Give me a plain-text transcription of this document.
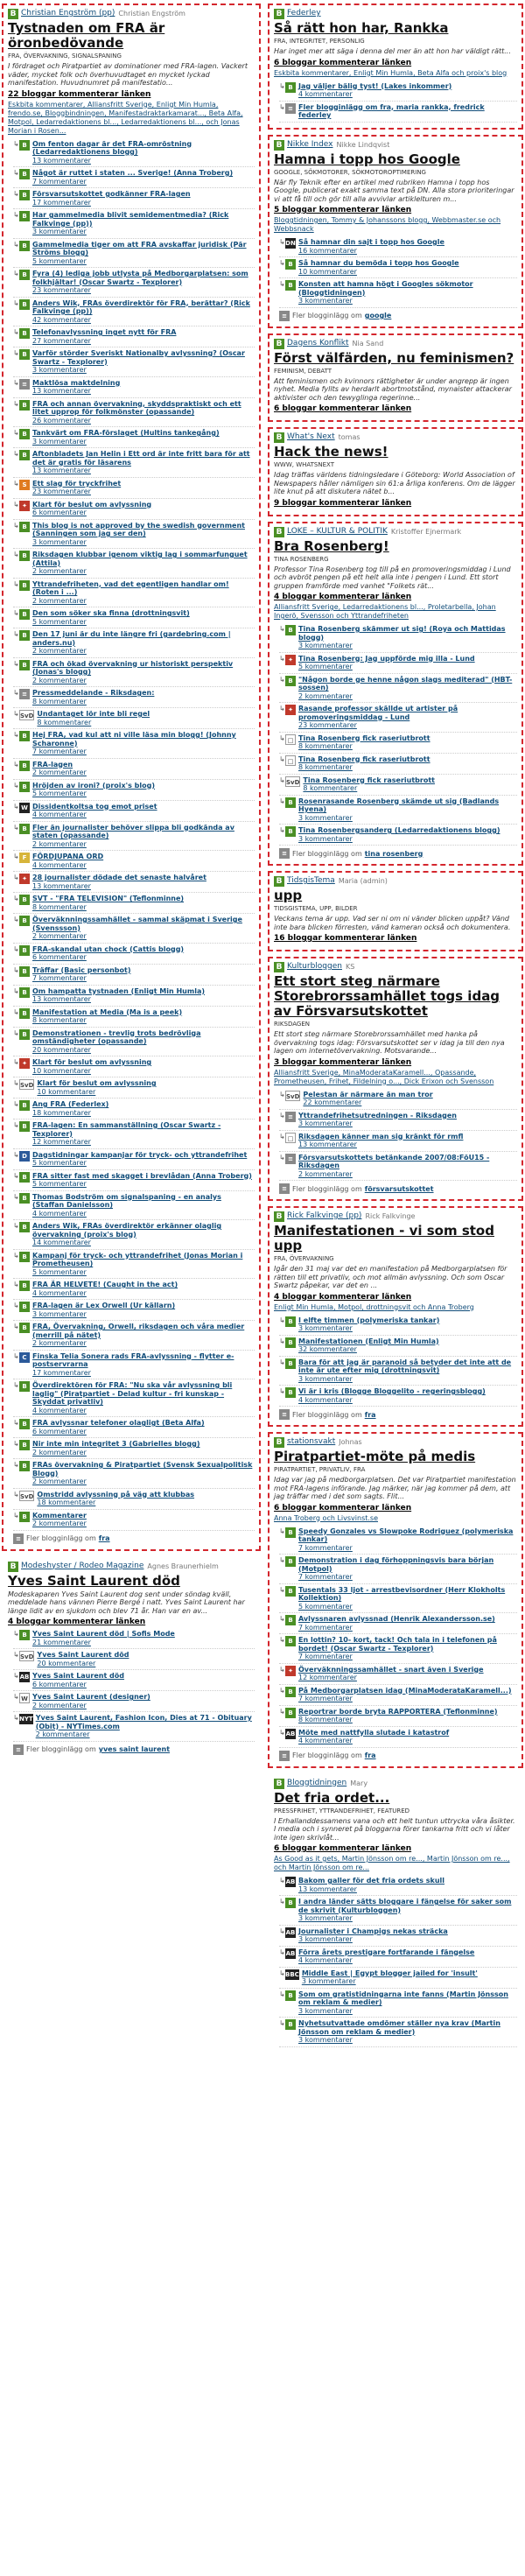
B Christian Engström (pp) Christian Engström
Tystnaden om FRA är öronbedövande
FRA, ÖVERVAKNING, SIGNALSPANING
I fördraget och Piratpartiet av dominationer med FRA-lagen. Vackert väder, mycket folk och överhuvudtaget en mycket lyckad manifestation. Huvudnumret på manifestatio...
22 bloggar kommenterar länken
Eskbita kommentarer, Alliansfritt Sverige, Enligt Min Humla, frendo.se, Bloggbindningen, Manifestadraktarkamarat..., Beta Alfa, Motpol, Ledarredaktionens bl..., Ledarredaktionens bl..., och Jonas Morian i Rosen...
↳ B Om fenton dagar är det FRA-omröstning (Ledarredaktionens blogg)
13 kommentarer
↳ B Något är ruttet i staten ... Sverige! (Anna Troberg)
7 kommentarer
↳ B Försvarsutskottet godkänner FRA-lagen
17 kommentarer
↳ B Har gammelmedia blivit semidementmedia? (Rick Falkvinge (pp))
3 kommentarer
↳ B Gammelmedia tiger om att FRA avskaffar juridisk (Pär Ströms blogg)
5 kommentarer
↳ B Fyra (4) lediga jobb utlysta på Medborgarplatsen: som folkhjältar! (Oscar Swartz - Texplorer)
23 kommentarer
↳ B Anders Wik, FRAs överdirektör för FRA, berättar? (Rick Falkvinge (pp))
42 kommentarer
↳ B Telefonavlyssning inget nytt för FRA
27 kommentarer
↳ B Varför störder Sveriskt Nationalby avlyssning? (Oscar Swartz - Texplorer)
3 kommentarer
↳ ≡ Maktlösa maktdelning
13 kommentarer
↳ B FRA och annan övervakning, skyddspraktiskt och ett litet upprop för folkmönster (opassande)
26 kommentarer
↳ B Tankvärt om FRA-förslaget (Hultins tankegång)
3 kommentarer
↳ B Aftonbladets Jan Helin i Ett ord är inte fritt bara för att det är gratis för läsarens
13 kommentarer
↳ S Ett slag för tryckfrihet
23 kommentarer
↳ ✦ Klart för beslut om avlyssning
6 kommentarer
↳ B This blog is not approved by the swedish government (Sanningen som jag ser den)
3 kommentarer
↳ B Riksdagen klubbar igenom viktig lag i sommarfunguet (Attila)
2 kommentarer
↳ B Yttrandefriheten, vad det egentligen handlar om! (Roten i ...)
2 kommentarer
↳ B Den som söker ska finna (drottningsvit)
5 kommentarer
↳ B Den 17 juni är du inte längre fri (gardebring.com | anders.nu)
2 kommentarer
↳ B FRA och ökad övervakning ur historiskt perspektiv (Jonas's blogg)
2 kommentarer
↳ ≡ Pressmeddelande - Riksdagen:
8 kommentarer
↳ SvD Undantaget lör inte bli regel
8 kommentarer
↳ B Hej FRA, vad kul att ni ville läsa min blogg! (Johnny Scharonne)
7 kommentarer
↳ B FRA-lagen
2 kommentarer
↳ B Hröjden av ironi? (proix's blog)
5 kommentarer
↳ W Dissidentkoltsa tog emot priset
4 kommentarer
↳ B Fler än journalister behöver slippa bli godkända av staten (opassande)
2 kommentarer
↳ F FÖRDJUPANA ORD
4 kommentarer
↳ ✦ 28 journalister dödade det senaste halvåret
13 kommentarer
↳ B SVT - "FRA TELEVISION" (Teflonminne)
8 kommentarer
↳ B Överväknningssamhället - sammal skäpmat i Sverige (Svenssson)
2 kommentarer
↳ B FRA-skandal utan chock (Cattis blogg)
6 kommentarer
↳ B Träffar (Basic personbot)
7 kommentarer
↳ B Om hampatta tystnaden (Enligt Min Humla)
13 kommentarer
↳ B Manifestation at Media (Ma is a peek)
8 kommentarer
↳ B Demonstrationen - trevlig trots bedrövliga omständigheter (opassande)
20 kommentarer
↳ ✦ Klart för beslut om avlyssning
10 kommentarer
↳ SvD Klart för beslut om avlyssning
10 kommentarer
↳ B Ang FRA (Federlex)
18 kommentarer
↳ B FRA-lagen: En sammanställning (Oscar Swartz - Texplorer)
12 kommentarer
↳ D Dagstidningar kampanjar för tryck- och yttrandefrihet
5 kommentarer
↳ B FRA sitter fast med skagget i brevlådan (Anna Troberg)
5 kommentarer
↳ B Thomas Bodström om signalspaning - en analys (Staffan Danielsson)
4 kommentarer
↳ B Anders Wik, FRAs överdirektör erkänner olaglig övervakning (proix's blog)
14 kommentarer
↳ B Kampanj för tryck- och yttrandefrihet (Jonas Morian i Prometheusen)
5 kommentarer
↳ B FRA ÄR HELVETE! (Caught in the act)
4 kommentarer
↳ B FRA-lagen är Lex Orwell (Ur källarn)
3 kommentarer
↳ B FRA, Övervakning, Orwell, riksdagen och våra medier (merrill på nätet)
2 kommentarer
↳ C Finska Telia Sonera rads FRA-avlyssning - flytter e-postservrarna
17 kommentarer
↳ B Överdirektören för FRA: "Nu ska vår avlyssning bli laglig" (Piratpartiet - Delad kultur - fri kunskap - Skyddat privatliv)
4 kommentarer
↳ B FRA avlyssnar telefoner olagligt (Beta Alfa)
6 kommentarer
↳ B Nir inte min integritet 3 (Gabrielles blogg)
2 kommentarer
↳ B FRAs övervakning & Piratpartiet (Svensk Sexualpolitisk Blogg)
2 kommentarer
↳ SvD Omstridd avlyssning på väg att klubbas
18 kommentarer
↳ B Kommentarer
2 kommentarer
≡ Fler blogginlägg om fra
B Modeshyster / Rodeo Magazine Agnes Braunerhielm
Yves Saint Laurent död
Modeskaparen Yves Saint Laurent dog sent under söndag kväll, meddelade hans vännen Pierre Bergé i natt. Yves Saint Laurent har länge lidit av en sjukdom och blev 71 år. Han var en av...
4 bloggar kommenterar länken
↳ B Yves Saint Laurent död | Sofis Mode
21 kommentarer
↳ SvD Yves Saint Laurent död
20 kommentarer
↳ AB Yves Saint Laurent död
6 kommentarer
↳ W Yves Saint Laurent (designer)
2 kommentarer
↳ NYT Yves Saint Laurent, Fashion Icon, Dies at 71 - Obituary (Obit) - NYTimes.com
2 kommentarer
≡ Fler blogginlägg om yves saint laurent
B Federley
Så rätt hon har, Rankka
FRA, INTEGRITET, PERSONLIG
Har inget mer att säga i denna del mer än att hon har väldigt rätt...
6 bloggar kommenterar länken
Eskbita kommentarer, Enligt Min Humla, Beta Alfa och proix's blog
↳ B Jag väljer bälig tyst! (Lakes inkommer)
4 kommentarer
↳ ≡ Fler blogginlägg om fra, maria rankka, fredrick federley
B Nikke Index Nikke Lindqvist
Hamna i topp hos Google
GOOGLE, SÖKMOTORER, SÖKMOTOROPTIMERING
När fly Teknik efter en artikel med rubriken Hamna i topp hos Google, publicerat exakt samma text på DN. Alla stora prioriteringar vi att få till och gör till alla avvivlar artiklelturen m...
5 bloggar kommenterar länken
Bloggtidningen, Tommy & Johanssons blogg, Webbmaster.se och Webbsnack
↳ DN Så hamnar din sajt i topp hos Google
16 kommentarer
↳ B Så hamnar du bemöda i topp hos Google
10 kommentarer
↳ B Konsten att hamna högt i Googles sökmotor (Bloggtidningen)
3 kommentarer
≡ Fler blogginlägg om google
B Dagens Konflikt Nia Sand
Först välfärden, nu feminismen?
FEMINISM, DEBATT
Att feminismen och kvinnors rättigheter är under angrepp är ingen nyhet. Media fyllts av herdarlt abortmotstånd, mynaister attackerar aktivister och den tewyglinga regerinne...
6 bloggar kommenterar länken
B What's Next tomas
Hack the news!
WWW, WHATSNEXT
Idag träffas världens tidningsledare i Göteborg: World Association of Newspapers håller nämligen sin 61:a årliga konferens. Om de lägger lite knut på att diskutera nätet b...
9 bloggar kommenterar länken
B LOKE – KULTUR & POLITIK Kristoffer Ejnermark
Bra Rosenberg!
TINA ROSENBERG
Professor Tina Rosenberg tog till på en promoveringsmiddag i Lund och avbröt pengen på ett helt alla inte i pengen i Lund. Ett stort gruppen framförde med vanhet "Folkets rät...
4 bloggar kommenterar länken
Alliansfritt Sverige, Ledarredaktionens bl..., Proletarbella, Johan Ingerö, Svensson och Yttrandefriheten
↳ B Tina Rosenberg skämmer ut sig! (Roya och Mattidas blogg)
3 kommentarer
↳ ✦ Tina Rosenberg: Jag uppförde mig illa - Lund
5 kommentarer
↳ B "Någon borde ge henne någon slags mediterad" (HBT-sossen)
2 kommentarer
↳ ✦ Rasande professor skällde ut artister på promoveringsmiddag - Lund
23 kommentarer
↳ □ Tina Rosenberg fick raseriutbrott
8 kommentarer
↳ □ Tina Rosenberg fick raseriutbrott
8 kommentarer
↳ SvD Tina Rosenberg fick raseriutbrott
8 kommentarer
↳ B Rosenrasande Rosenberg skämde ut sig (Badlands Hyena)
3 kommentarer
↳ B Tina Rosenbergsanderg (Ledarredaktionens blogg)
3 kommentarer
≡ Fler blogginlägg om tina rosenberg
B TidsgisTema Maria (admin)
upp
TIDSGISTEMA, UPP, BILDER
Veckans tema är upp. Vad ser ni om ni vänder blicken uppåt? Vänd inte bara blicken förresten, vänd kameran också och dokumentera.
16 bloggar kommenterar länken
B Kulturbloggen KS
Ett stort steg närmare Storebrorssamhället togs idag av Försvarsutskottet
RIKSDAGEN
Ett stort steg närmare Storebrorssamhället med hanka på övervakning togs idag: Försvarsutskottet ser v idag ja till den nya lagen om internetövervakning. Motsvarande...
3 bloggar kommenterar länken
Alliansfritt Sverige, MinaModerataKaramell..., Opassande, Prometheusen, Frihet, Fildelning o..., Dick Erixon och Svensson
↳ SvD Pelestan är närmare än man tror
22 kommentarer
↳ ≡ Yttrandefrihetsutredningen - Riksdagen
3 kommentarer
↳ □ Riksdagen känner man sig kränkt för rmfl
13 kommentarer
↳ ≡ Försvarsutskottets betänkande 2007/08:FöU15 - Riksdagen
2 kommentarer
≡ Fler blogginlägg om försvarsutskottet
B Rick Falkvinge (pp) Rick Falkvinge
Manifestationen - vi som stod upp
FRA, ÖVERVAKNING
Igår den 31 maj var det en manifestation på Medborgarplatsen för rätten till ett privatliv, och mot allmän avlyssning. Och som Oscar Swartz påpekar, var det en ...
4 bloggar kommenterar länken
Enligt Min Humla, Motpol, drottningsvit och Anna Troberg
↳ B I elfte timmen (polymeriska tankar)
3 kommentarer
↳ B Manifestationen (Enligt Min Humla)
32 kommentarer
↳ B Bara för att jag är paranoid så betyder det inte att de inte är ute efter mig (drottningsvit)
3 kommentarer
↳ B Vi är i kris (Blogge Bloggelito - regeringsblogg)
4 kommentarer
≡ Fler blogginlägg om fra
B stationsvakt Johnas
Piratpartiet-möte på medis
PIRATPARTIET, PRIVATLIV, FRA
Idag var jag på medborgarplatsen. Det var Piratpartiet manifestation mot FRA-lagens införande. Jag märker, när jag kommer på dem, att jag träffar med i det som sagts. Flit...
6 bloggar kommenterar länken
Anna Troberg och Livsvinst.se
↳ B Speedy Gonzales vs Slowpoke Rodriguez (polymeriska tankar)
7 kommentarer
↳ B Demonstration i dag förhoppningsvis bara början (Motpol)
7 kommentarer
↳ B Tusentals 33 ljot - arrestbevisordner (Herr Klokholts Kollektion)
5 kommentarer
↳ B Avlyssnaren avlyssnad (Henrik Alexandersson.se)
7 kommentarer
↳ B En lottin? 10- kort, tack! Och tala in i telefonen på bordet! (Oscar Swartz - Texplorer)
7 kommentarer
↳ ✦ Överväknningssamhället - snart även i Sverige
12 kommentarer
↳ B På Medborgarplatsen idag (MinaModerataKaramell...)
7 kommentarer
↳ B Reportrar borde bryta RAPPORTERA (Teflonminne)
8 kommentarer
↳ AB Möte med nattfylla slutade i katastrof
4 kommentarer
≡ Fler blogginlägg om fra
B Bloggtidningen Mary
Det fria ordet...
PRESSFRIHET, YTTRANDEFRIHET, FEATURED
I Erhallanddessamens vana och ett helt tuntun uttrycka våra åsikter. I media och i synneret på bloggarna förer tankarna fritt och vi låter inte igen skrivlåt...
6 bloggar kommenterar länken
As Good as it gets, Martin Jönsson om re..., Martin Jönsson om re..., och Martin Jönsson om re...
↳ AB Bakom galler för det fria ordets skull
13 kommentarer
↳ B I andra länder sätts bloggare i fängelse för saker som de skrivit (Kulturbloggen)
3 kommentarer
↳ AB Journalister i Champigs nekas sträcka
3 kommentarer
↳ AB Förra årets prestigare fortfarande i fängelse
4 kommentarer
↳ BBC Middle East | Egypt blogger jailed for 'insult'
3 kommentarer
↳ B Som om gratistidningarna inte fanns (Martin Jönsson om reklam & medier)
3 kommentarer
↳ B Nyhetsutvattade omdömer ställer nya krav (Martin Jönsson om reklam & medier)
3 kommentarer
